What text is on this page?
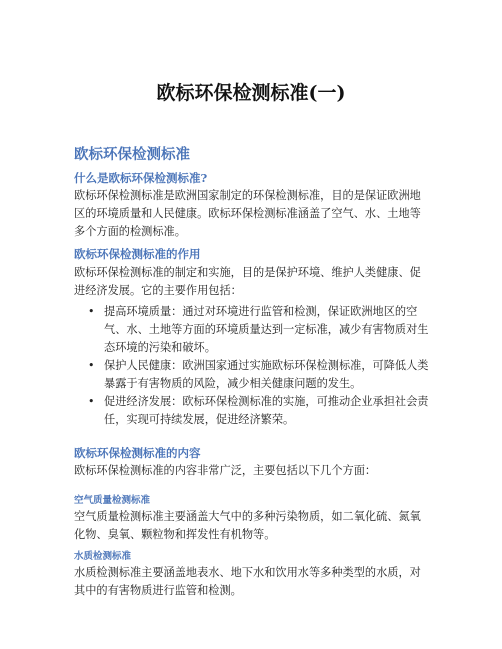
欧标环保检测标准(一)
欧标环保检测标准
什么是欧标环保检测标准?

欧标环保检测标准是欧洲国家制定的环保检测标准，目的是保证欧洲地区的环境质量和人民健康。欧标环保检测标准涵盖了空气、水、土地等多个方面的检测标准。

欧标环保检测标准的作用

欧标环保检测标准的制定和实施，目的是保护环境、维护人类健康、促进经济发展。它的主要作用包括：

• 提高环境质量：通过对环境进行监管和检测，保证欧洲地区的空气、水、土地等方面的环境质量达到一定标准，减少有害物质对生态环境的污染和破坏。
• 保护人民健康：欧洲国家通过实施欧标环保检测标准，可降低人类暴露于有害物质的风险，减少相关健康问题的发生。
• 促进经济发展：欧标环保检测标准的实施，可推动企业承担社会责任，实现可持续发展，促进经济繁荣。
欧标环保检测标准的内容

欧标环保检测标准的内容非常广泛，主要包括以下几个方面：

空气质量检测标准

空气质量检测标准主要涵盖大气中的多种污染物质，如二氧化硫、氮氧化物、臭氧、颗粒物和挥发性有机物等。

水质检测标准

水质检测标准主要涵盖地表水、地下水和饮用水等多种类型的水质，对其中的有害物质进行监管和检测。
